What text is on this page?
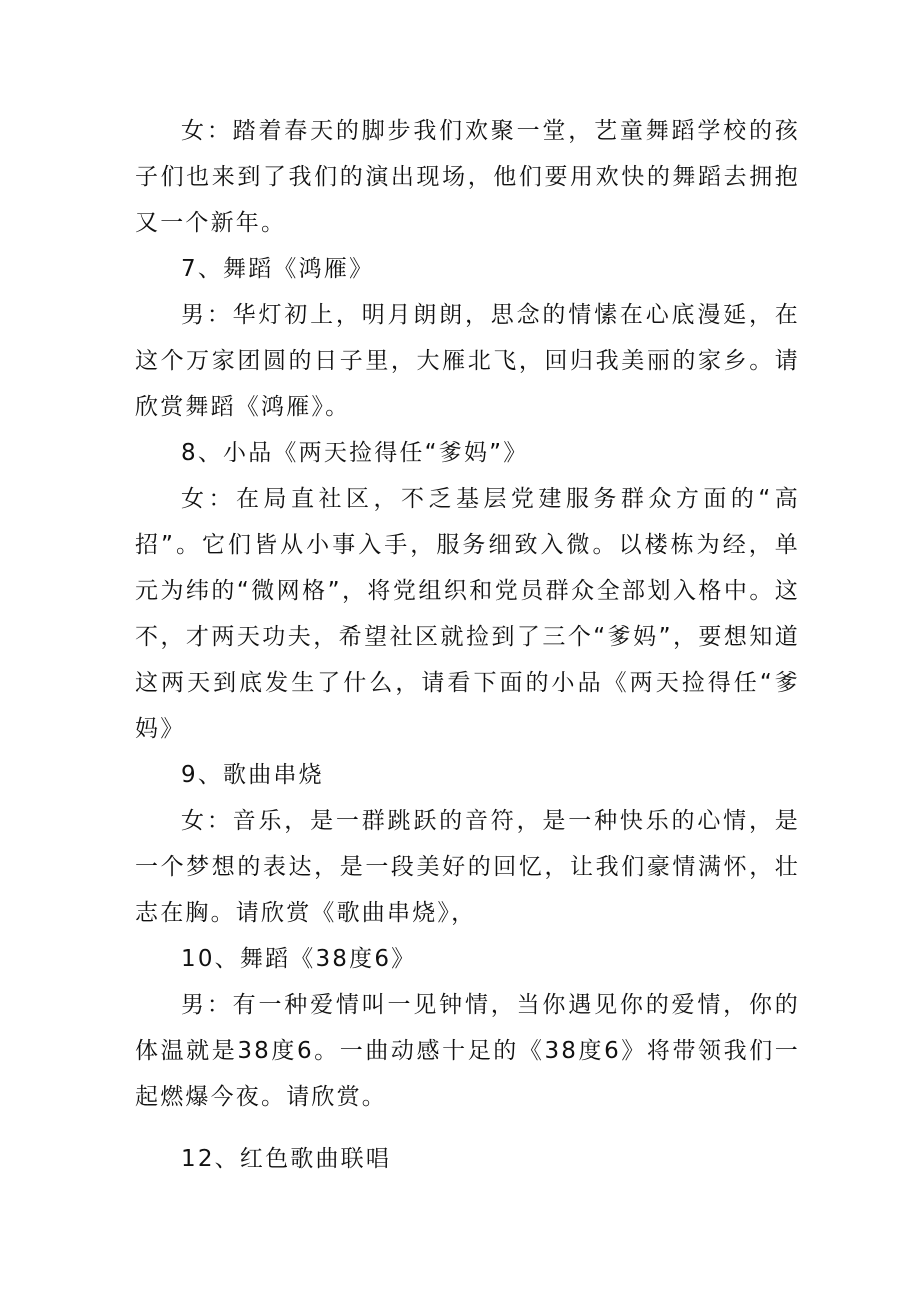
女：踏着春天的脚步我们欢聚一堂，艺童舞蹈学校的孩子们也来到了我们的演出现场，他们要用欢快的舞蹈去拥抱又一个新年。

7、舞蹈《鸿雁》

男：华灯初上，明月朗朗，思念的情愫在心底漫延，在这个万家团圆的日子里，大雁北飞，回归我美丽的家乡。请欣赏舞蹈《鸿雁》。

8、小品《两天捡得任“爹妈”》

女：在局直社区，不乏基层党建服务群众方面的“高招”。它们皆从小事入手，服务细致入微。以楼栋为经，单元为纬的“微网格”，将党组织和党员群众全部划入格中。这不，才两天功夫，希望社区就捡到了三个“爹妈”，要想知道这两天到底发生了什么，请看下面的小品《两天捡得任“爹妈》

9、歌曲串烧

女：音乐，是一群跳跃的音符，是一种快乐的心情，是一个梦想的表达，是一段美好的回忆，让我们豪情满怀，壮志在胸。请欣赏《歌曲串烧》，

10、舞蹈《38度6》

男：有一种爱情叫一见钟情，当你遇见你的爱情，你的体温就是38度6。一曲动感十足的《38度6》将带领我们一起燃爆今夜。请欣赏。

12、红色歌曲联唱
